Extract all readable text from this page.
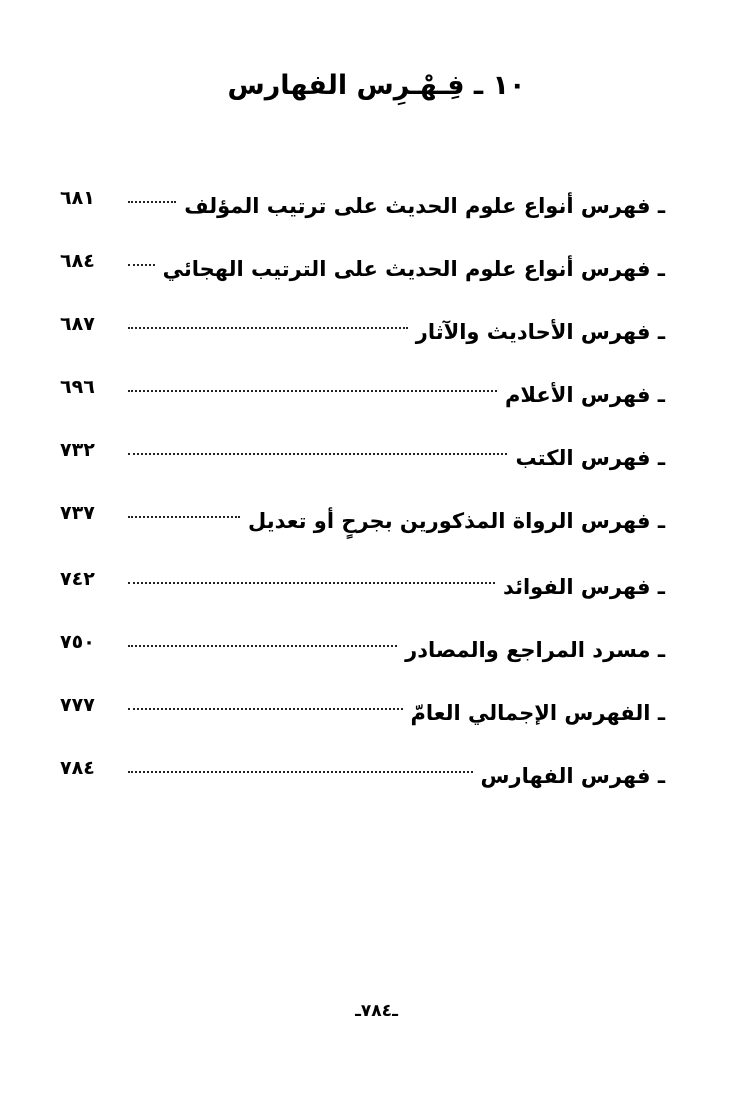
١٠ ـ فِـهْـرِس الفهارس
٦٨١	ـ فهرس أنواع علوم الحديث على ترتيب المؤلف
٦٨٤	ـ فهرس أنواع علوم الحديث على الترتيب الهجائي
٦٨٧	ـ فهرس الأحاديث والآثار
٦٩٦	ـ فهرس الأعلام
٧٣٢	ـ فهرس الكتب
٧٣٧	ـ فهرس الرواة المذكورين بجرحٍ أو تعديل
٧٤٢	ـ فهرس الفوائد
٧٥٠	ـ مسرد المراجع والمصادر
٧٧٧	ـ الفهرس الإجمالي العامّ
٧٨٤	ـ فهرس الفهارس
ـ٧٨٤ـ
